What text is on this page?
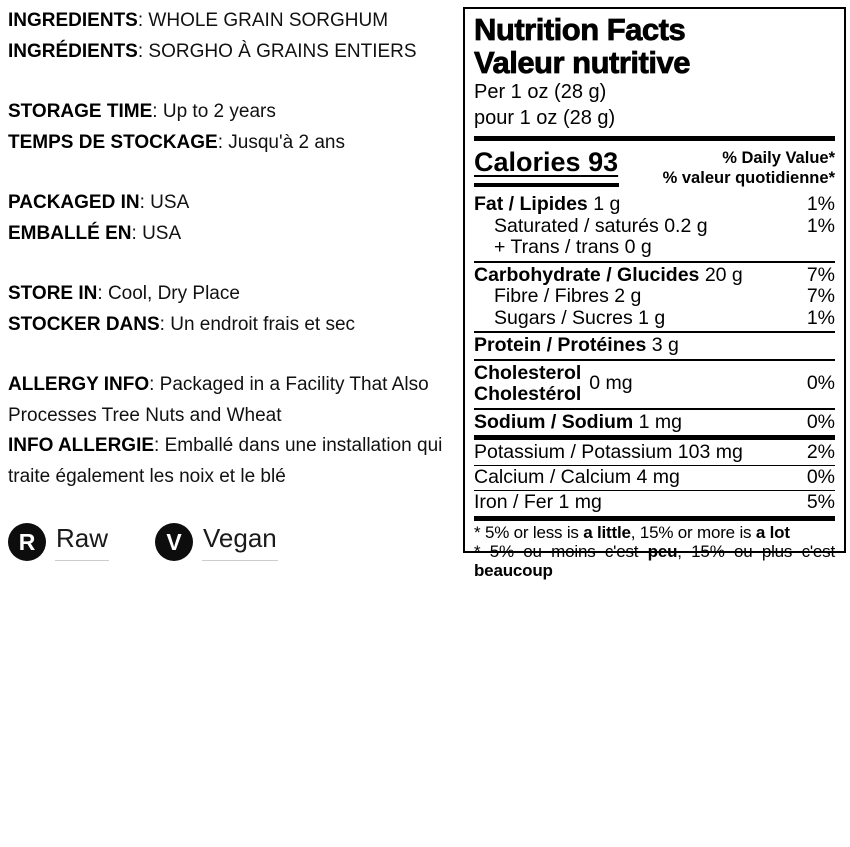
INGREDIENTS: WHOLE GRAIN SORGHUM
INGRÉDIENTS: SORGHO À GRAINS ENTIERS
STORAGE TIME: Up to 2 years
TEMPS DE STOCKAGE: Jusqu'à 2 ans
PACKAGED IN: USA
EMBALLÉ EN: USA
STORE IN: Cool, Dry Place
STOCKER DANS: Un endroit frais et sec
ALLERGY INFO: Packaged in a Facility That Also Processes Tree Nuts and Wheat
INFO ALLERGIE: Emballé dans une installation qui traite également les noix et le blé
R Raw	V Vegan
Nutrition Facts
Valeur nutritive
Per 1 oz (28 g)
pour 1 oz (28 g)
Calories 93	% Daily Value*
% valeur quotidienne*
Fat / Lipides 1 g	1%
Saturated / saturés 0.2 g	1%
+ Trans / trans 0 g
Carbohydrate / Glucides 20 g	7%
Fibre / Fibres 2 g	7%
Sugars / Sucres 1 g	1%
Protein / Protéines 3 g
Cholesterol
Cholestérol 0 mg	0%
Sodium / Sodium 1 mg	0%
Potassium / Potassium 103 mg	2%
Calcium / Calcium 4 mg	0%
Iron / Fer 1 mg	5%
* 5% or less is a little, 15% or more is a lot
* 5% ou moins c'est peu, 15% ou plus c'est beaucoup
